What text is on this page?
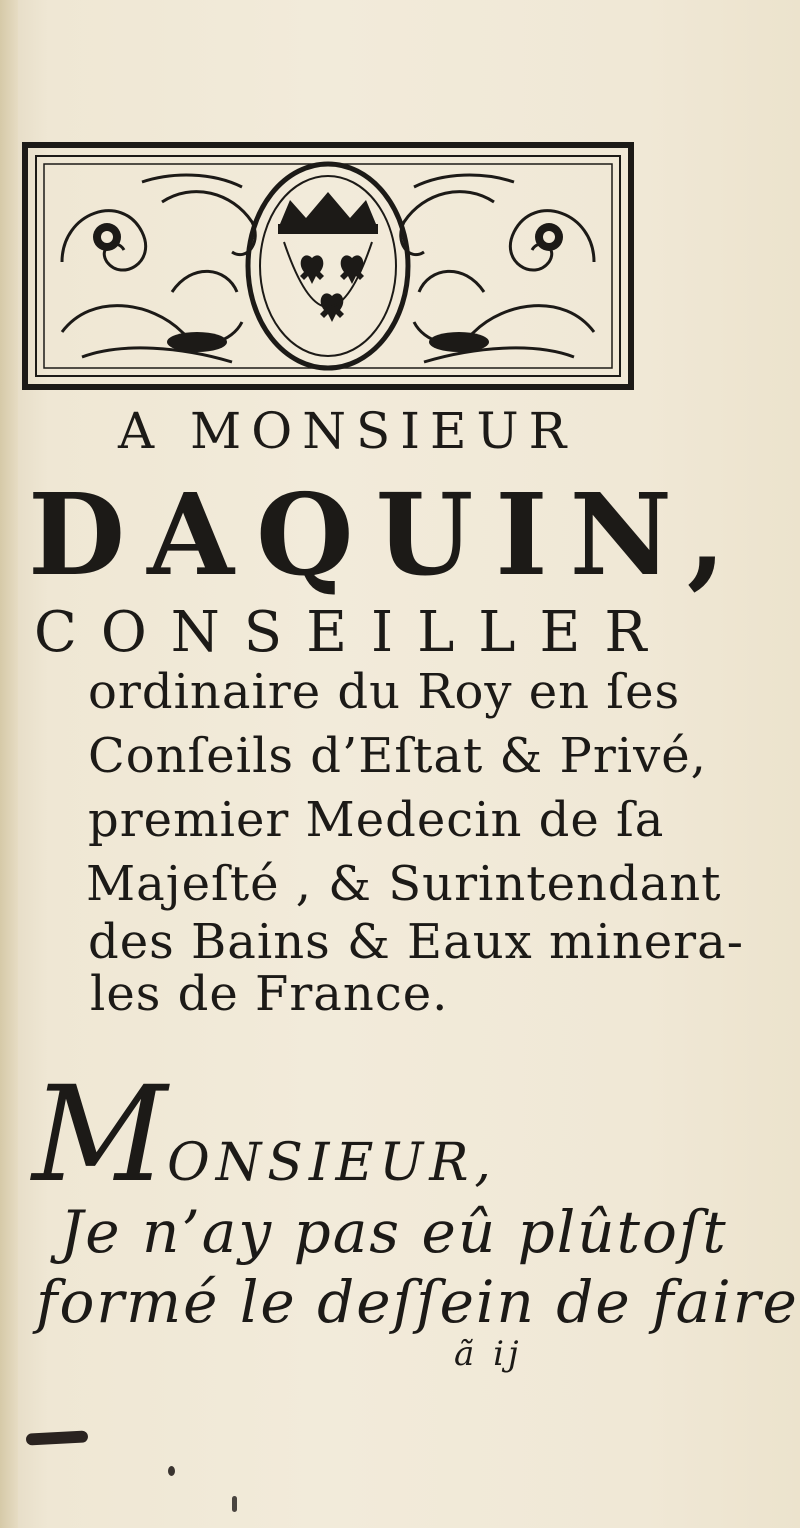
A MONSIEUR
DAQUIN,
CONSEILLER
ordinaire du Roy en ſes
Conſeils d’Eſtat & Privé,
premier Medecin de ſa
Majeſté , & Surintendant
des Bains & Eaux minera-
les de France.
MONSIEUR,
Je n’ay pas eû plûtoſt
formé le deſſein de faire
ã ij
